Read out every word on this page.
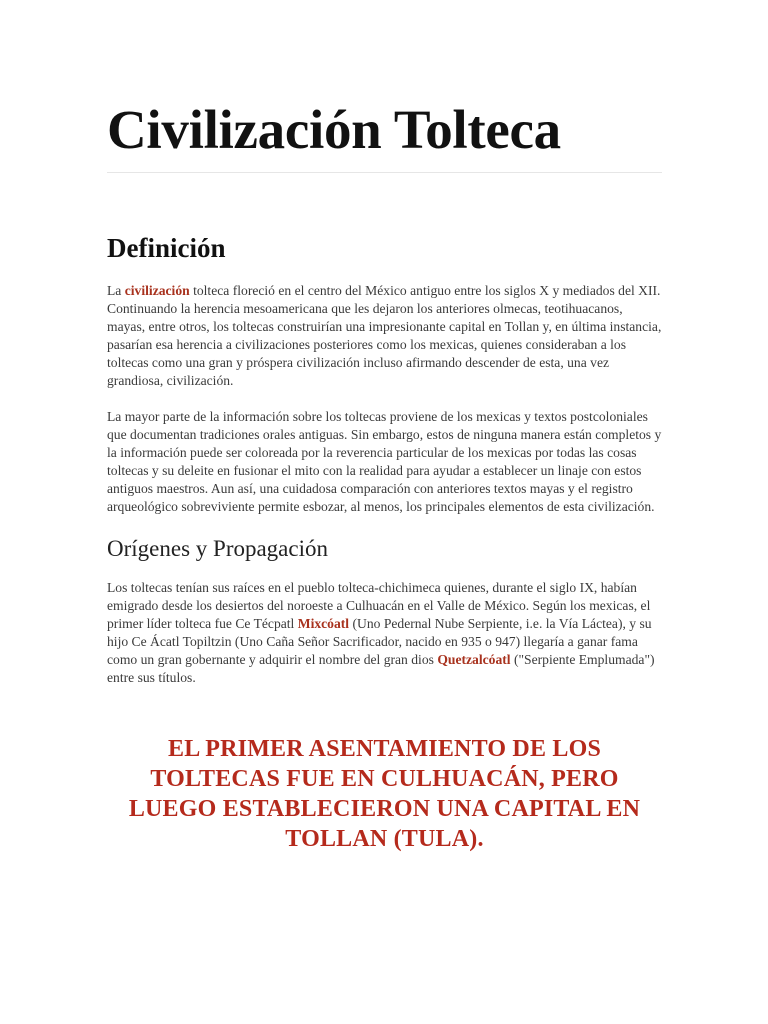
Civilización Tolteca
Definición

La civilización tolteca floreció en el centro del México antiguo entre los siglos X y mediados del XII. Continuando la herencia mesoamericana que les dejaron los anteriores olmecas, teotihuacanos, mayas, entre otros, los toltecas construirían una impresionante capital en Tollan y, en última instancia, pasarían esa herencia a civilizaciones posteriores como los mexicas, quienes consideraban a los toltecas como una gran y próspera civilización incluso afirmando descender de esta, una vez grandiosa, civilización.

La mayor parte de la información sobre los toltecas proviene de los mexicas y textos postcoloniales que documentan tradiciones orales antiguas. Sin embargo, estos de ninguna manera están completos y la información puede ser coloreada por la reverencia particular de los mexicas por todas las cosas toltecas y su deleite en fusionar el mito con la realidad para ayudar a establecer un linaje con estos antiguos maestros. Aun así, una cuidadosa comparación con anteriores textos mayas y el registro arqueológico sobreviviente permite esbozar, al menos, los principales elementos de esta civilización.

Orígenes y Propagación

Los toltecas tenían sus raíces en el pueblo tolteca-chichimeca quienes, durante el siglo IX, habían emigrado desde los desiertos del noroeste a Culhuacán en el Valle de México. Según los mexicas, el primer líder tolteca fue Ce Técpatl Mixcóatl (Uno Pedernal Nube Serpiente, i.e. la Vía Láctea), y su hijo Ce Ácatl Topiltzin (Uno Caña Señor Sacrificador, nacido en 935 o 947) llegaría a ganar fama como un gran gobernante y adquirir el nombre del gran dios Quetzalcóatl ("Serpiente Emplumada") entre sus títulos.

EL PRIMER ASENTAMIENTO DE LOS TOLTECAS FUE EN CULHUACÁN, PERO LUEGO ESTABLECIERON UNA CAPITAL EN TOLLAN (TULA).
